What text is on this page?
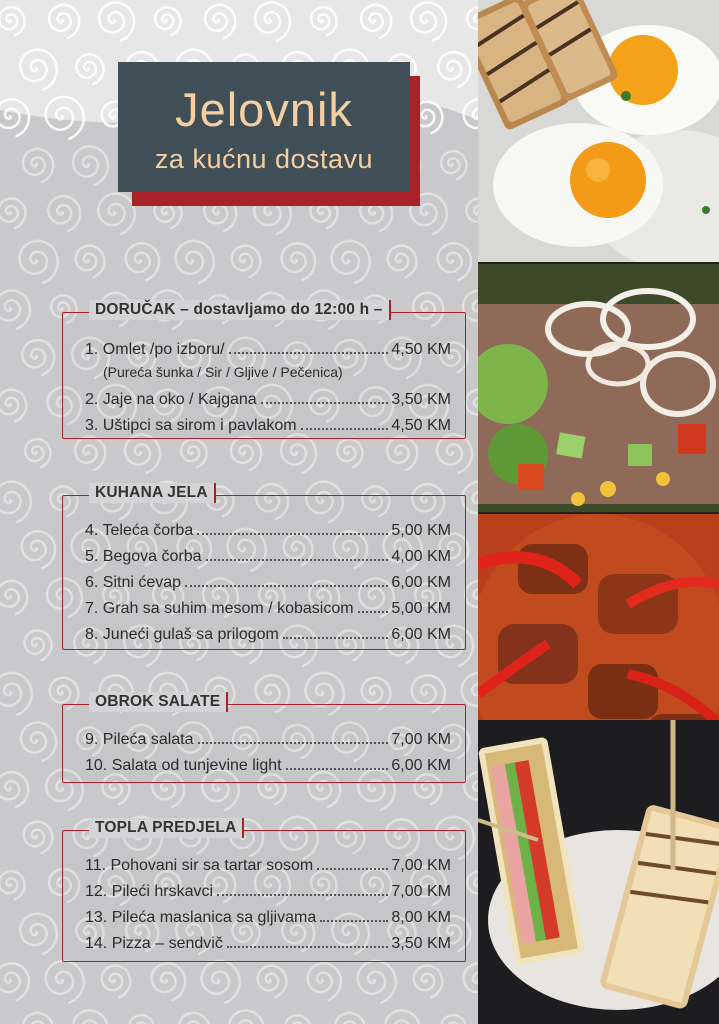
Jelovnik
za kućnu dostavu
DORUČAK – dostavljamo do 12:00 h –
1. Omlet /po izboru/	4,50 KM
(Pureća šunka / Sir / Gljive / Pečenica)
2. Jaje na oko / Kajgana	3,50 KM
3. Uštipci sa sirom i pavlakom	4,50 KM
KUHANA JELA
4. Teleća čorba	5,00 KM
5. Begova čorba	4,00 KM
6. Sitni ćevap	6,00 KM
7. Grah sa suhim mesom / kobasicom 5,00 KM
8. Juneći gulaš sa prilogom	6,00 KM
OBROK SALATE
9. Pileća salata	7,00 KM
10. Salata od tunjevine light	6,00 KM
TOPLA PREDJELA
11. Pohovani sir sa tartar sosom	7,00 KM
12. Pileći hrskavci	7,00 KM
13. Pileća maslanica sa gljivama	8,00 KM
14. Pizza – sendvič	3,50 KM
